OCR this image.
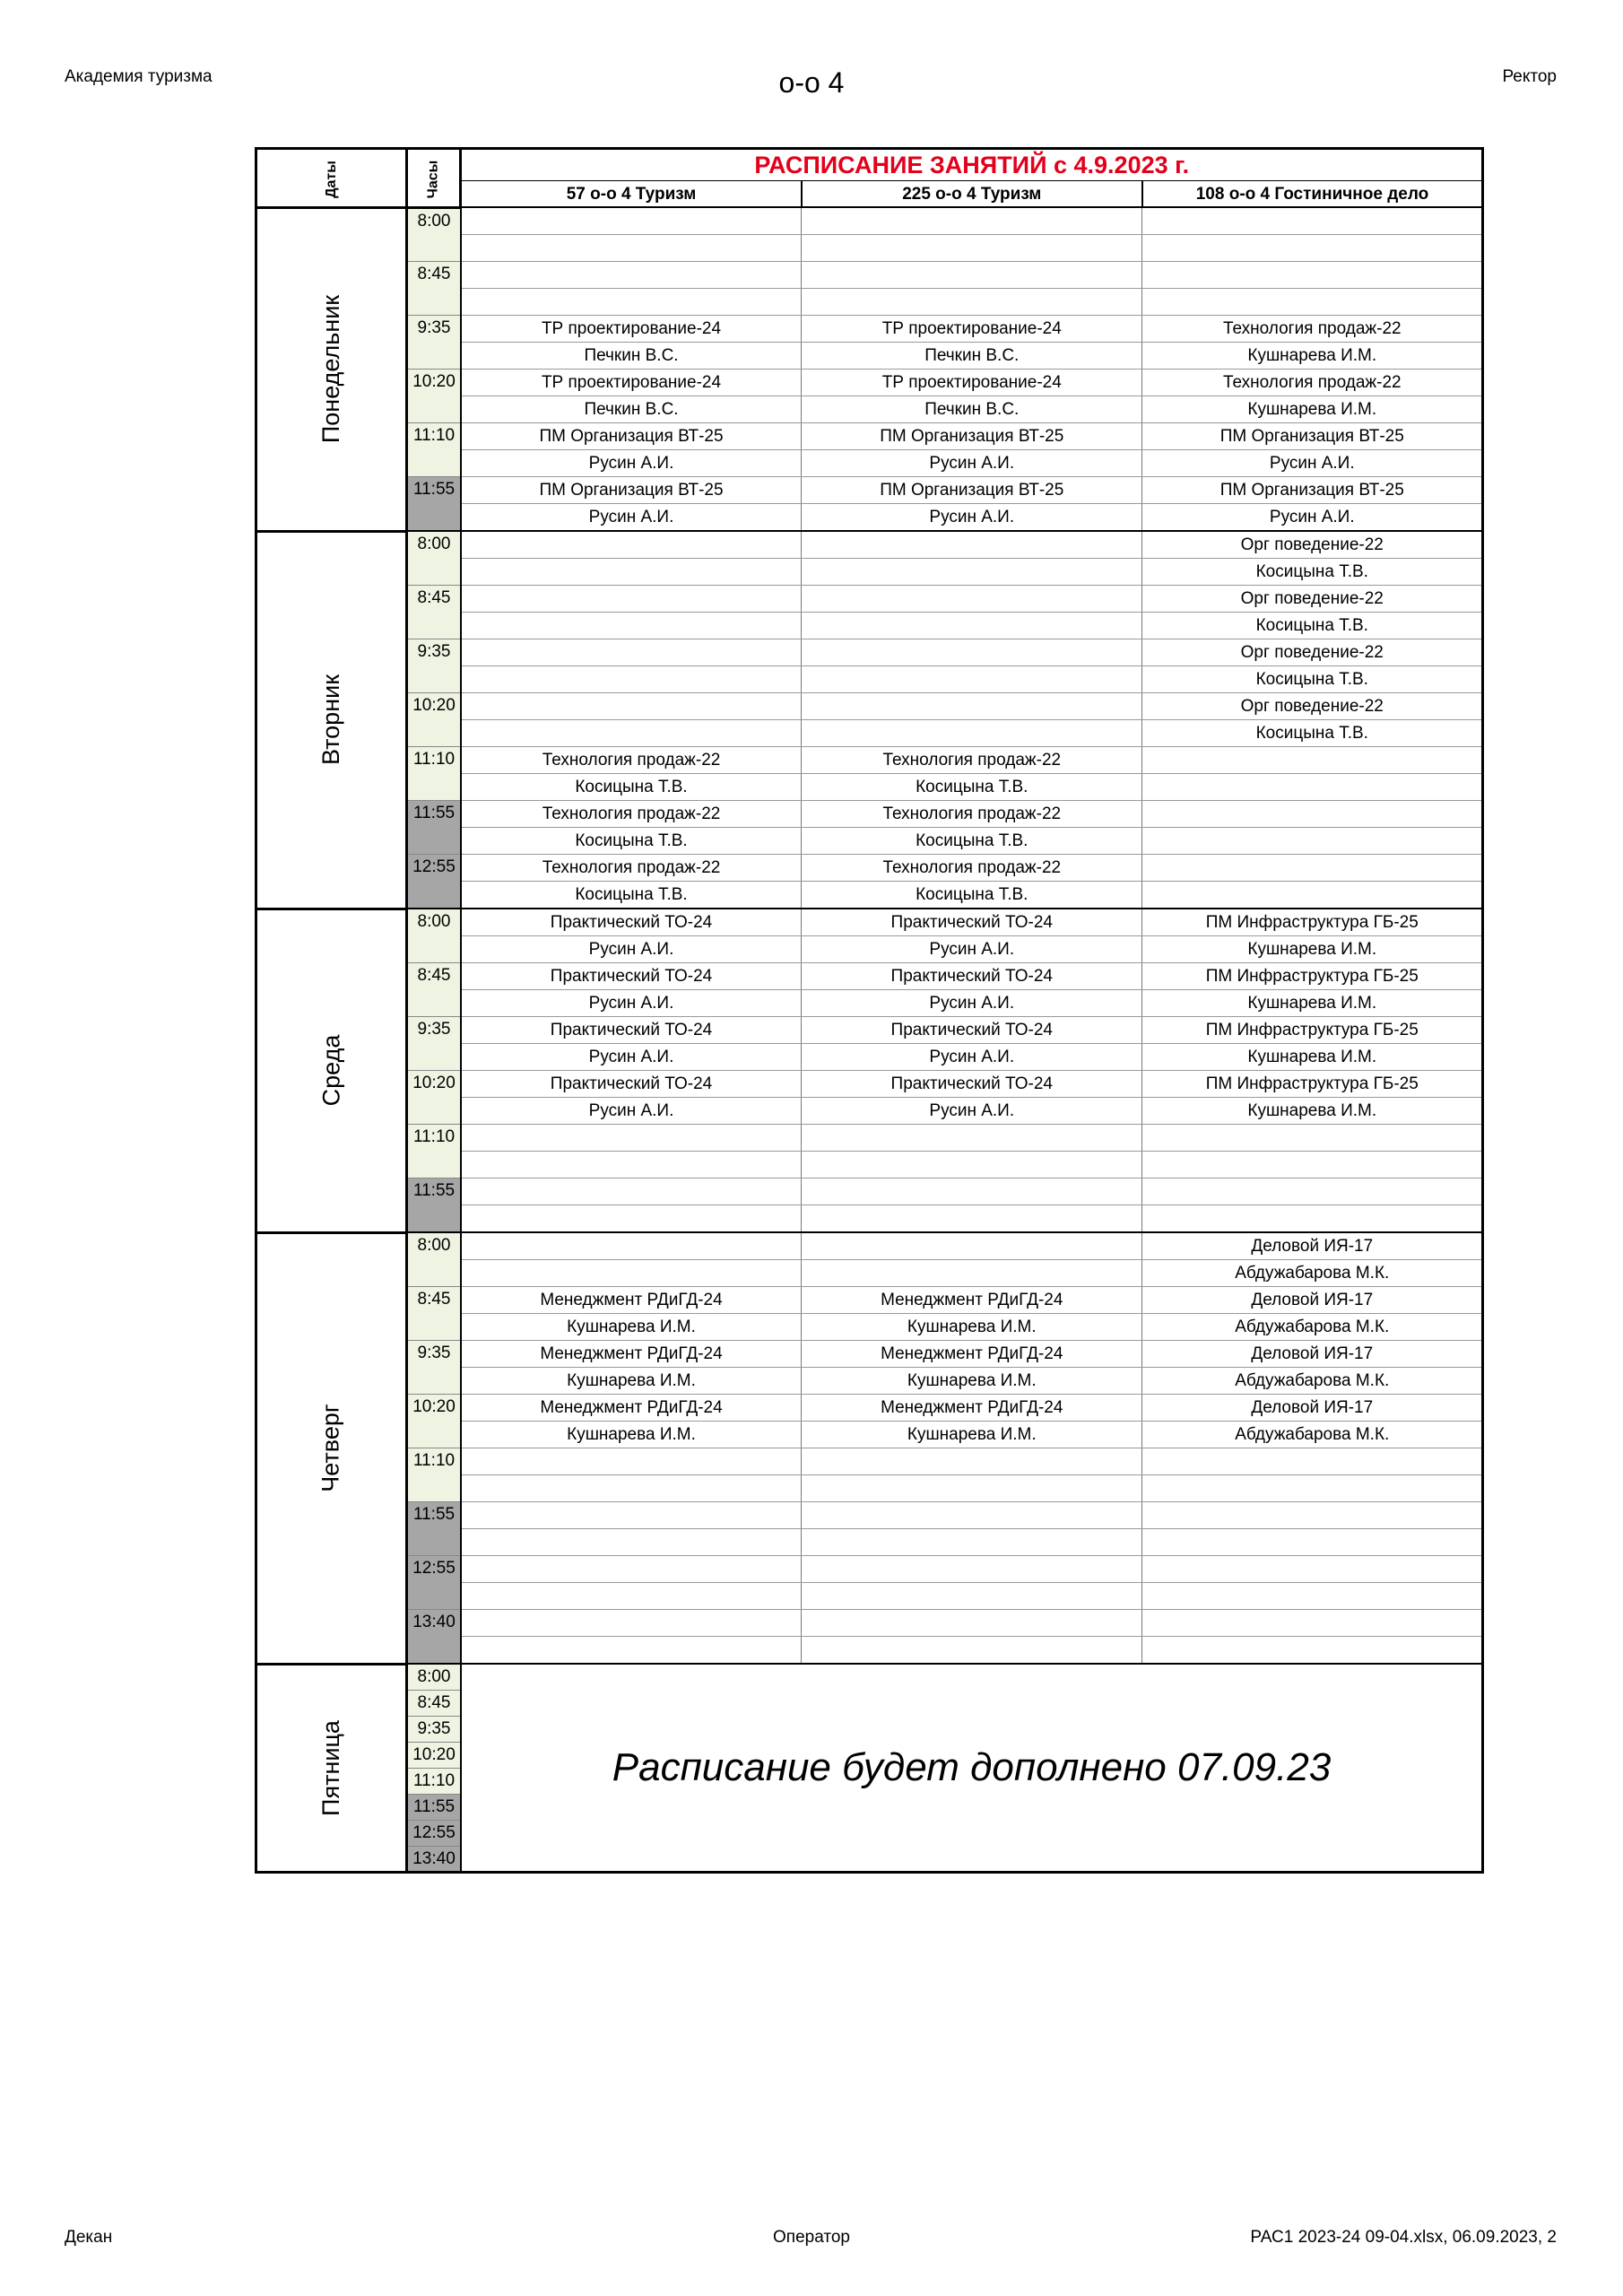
Академия туризма	о-о 4	Ректор
Даты	Часы	РАСПИСАНИЕ ЗАНЯТИЙ с 4.9.2023 г.		
		57 о-о 4 Туризм	225 о-о 4 Туризм	108 о-о 4 Гостиничное дело
Понедельник	8:00			

	8:45			

	9:35	ТР проектирование-24	ТР проектирование-24	Технология продаж-22
		Печкин В.С.	Печкин В.С.	Кушнарева И.М.
	10:20	ТР проектирование-24	ТР проектирование-24	Технология продаж-22
		Печкин В.С.	Печкин В.С.	Кушнарева И.М.
	11:10	ПМ Организация ВТ-25	ПМ Организация ВТ-25	ПМ Организация ВТ-25
		Русин А.И.	Русин А.И.	Русин А.И.
	11:55	ПМ Организация ВТ-25	ПМ Организация ВТ-25	ПМ Организация ВТ-25
		Русин А.И.	Русин А.И.	Русин А.И.
Вторник	8:00			Орг поведение-22
				Косицына Т.В.
	8:45			Орг поведение-22
				Косицына Т.В.
	9:35			Орг поведение-22
				Косицына Т.В.
	10:20			Орг поведение-22
				Косицына Т.В.
	11:10	Технология продаж-22	Технология продаж-22	
		Косицына Т.В.	Косицына Т.В.	
	11:55	Технология продаж-22	Технология продаж-22	
		Косицына Т.В.	Косицына Т.В.	
	12:55	Технология продаж-22	Технология продаж-22	
		Косицына Т.В.	Косицына Т.В.	
Среда	8:00	Практический ТО-24	Практический ТО-24	ПМ Инфраструктура ГБ-25
		Русин А.И.	Русин А.И.	Кушнарева И.М.
	8:45	Практический ТО-24	Практический ТО-24	ПМ Инфраструктура ГБ-25
		Русин А.И.	Русин А.И.	Кушнарева И.М.
	9:35	Практический ТО-24	Практический ТО-24	ПМ Инфраструктура ГБ-25
		Русин А.И.	Русин А.И.	Кушнарева И.М.
	10:20	Практический ТО-24	Практический ТО-24	ПМ Инфраструктура ГБ-25
		Русин А.И.	Русин А.И.	Кушнарева И.М.
	11:10			

	11:55			

Четверг	8:00			Деловой ИЯ-17
				Абдужабарова М.К.
	8:45	Менеджмент РДиГД-24	Менеджмент РДиГД-24	Деловой ИЯ-17
		Кушнарева И.М.	Кушнарева И.М.	Абдужабарова М.К.
	9:35	Менеджмент РДиГД-24	Менеджмент РДиГД-24	Деловой ИЯ-17
		Кушнарева И.М.	Кушнарева И.М.	Абдужабарова М.К.
	10:20	Менеджмент РДиГД-24	Менеджмент РДиГД-24	Деловой ИЯ-17
		Кушнарева И.М.	Кушнарева И.М.	Абдужабарова М.К.
	11:10			

	11:55			

	12:55			

	13:40			

Пятница	8:00	Расписание будет дополнено 07.09.23		

	8:45			

	9:35			

	10:20			

	11:10			

	11:55			

	12:55			

	13:40			

Декан	Оператор	РАС1 2023-24 09-04.xlsx, 06.09.2023, 2
